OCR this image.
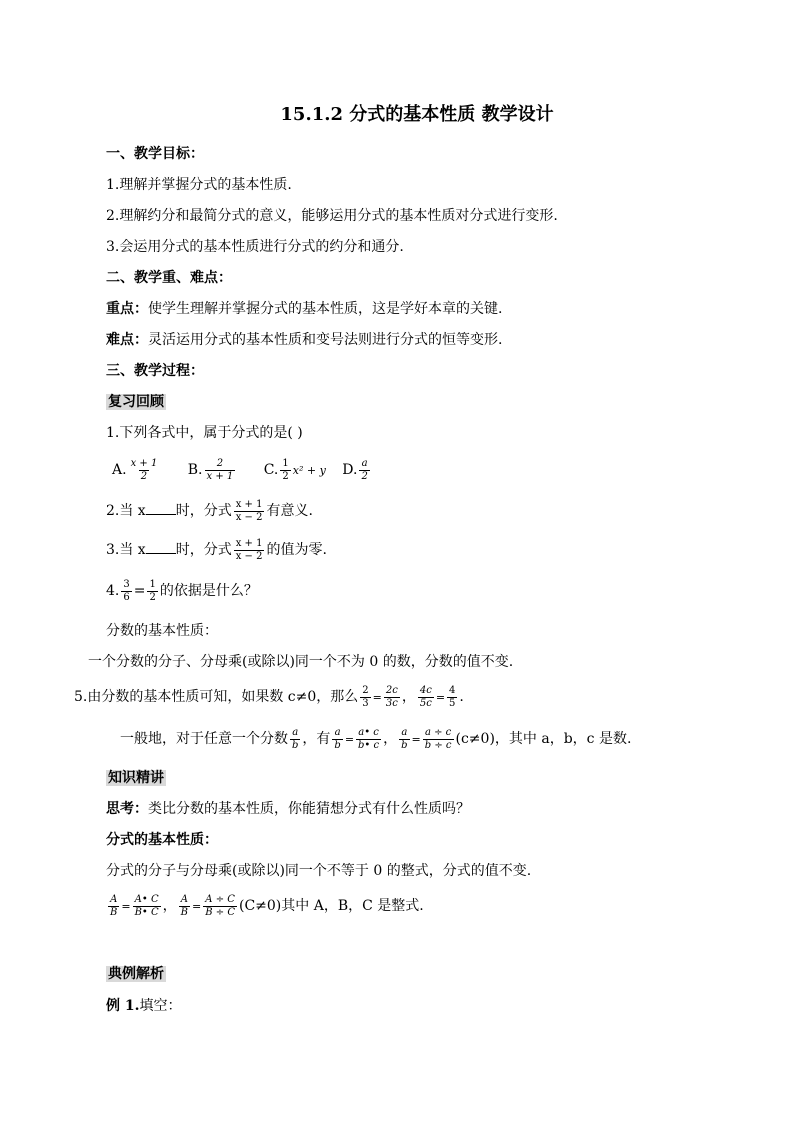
15.1.2 分式的基本性质 教学设计
一、教学目标：
1.理解并掌握分式的基本性质.
2.理解约分和最简分式的意义，能够运用分式的基本性质对分式进行变形.
3.会运用分式的基本性质进行分式的约分和通分.
二、教学重、难点：
重点：使学生理解并掌握分式的基本性质，这是学好本章的关键.
难点：灵活运用分式的基本性质和变号法则进行分式的恒等变形.
三、教学过程：
复习回顾
1.下列各式中，属于分式的是( )
A. $\frac{x + 1}{2} B$. $\frac{2}{x + 1} C$. $\frac{1}{2} x^2 + y$ D. $\frac{a}{2}$
2.当 x 时，分式 $\frac{x + 1}{x - 2}$ 有意义.
3.当 x 时，分式 $\frac{x + 1}{x - 2}$ 的值为零.
4. $\frac{3}{6} = \frac{1}{2}$ 的依据是什么？
分数的基本性质：
一个分数的分子、分母乘(或除以)同一个不为 0 的数，分数的值不变.
5.由分数的基本性质可知，如果数 c≠0，那么 $\frac{2}{3} = \frac{2c}{3c}$ ， $\frac{4c}{5c} = \frac{4}{5}$ .
一般地，对于任意一个分数 $\frac{a}{b}$ ，有 $\frac{a}{b} = \frac{a• c}{b• c}$ ， $\frac{a}{b} = \frac{a \div c}{b \div c} (c\ne 0)$，其中 a，b，c 是数.
知识精讲
思考：类比分数的基本性质，你能猜想分式有什么性质吗？
分式的基本性质：
分式的分子与分母乘(或除以)同一个不等于 0 的整式，分式的值不变.
$\frac{A}{B} = \frac{A• C}{B• C}$ ， $\frac{A}{B} = \frac{A \div C}{B \div C} (C\ne 0)$其中 A，B，C 是整式.
典例解析
例 1.填空：
